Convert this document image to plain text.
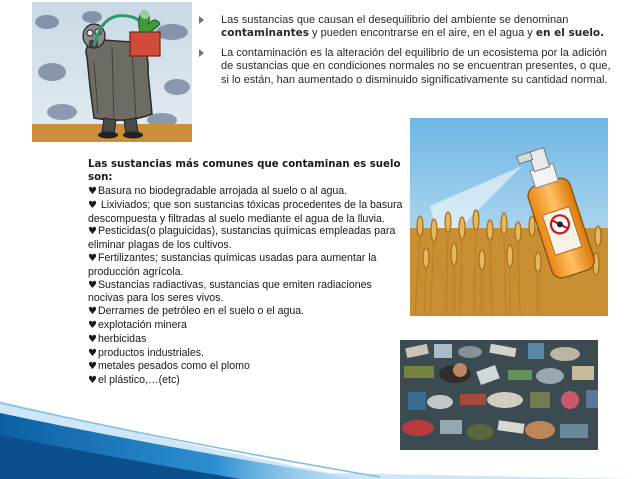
Las sustancias que causan el desequilibrio del ambiente se denominan contaminantes y pueden encontrarse en el aire, en el agua y en el suelo.
La contaminación es la alteración del equilibrio de un ecosistema por la adición de sustancias que en condiciones normales no se encuentran presentes, o que, si lo están, han aumentado o disminuido significativamente su cantidad normal.
Las sustancias más comunes que contaminan es suelo son:
♥Basura no biodegradable arrojada al suelo o al agua.
♥ Lixiviados; que son sustancias tóxicas procedentes de la basura descompuesta y filtradas al suelo mediante el agua de la lluvia.
♥Pesticidas(o plaguicidas), sustancias químicas empleadas para eliminar plagas de los cultivos.
♥Fertilizantes; sustancias químicas usadas para aumentar la producción agrícola.
♥Sustancias radiactivas, sustancias que emiten radiaciones nocivas para los seres vivos.
♥Derrames de petróleo en el suelo o el agua.
♥explotación minera
♥herbicidas
♥productos industriales.
♥metales pesados como el plomo
♥el plástico,…(etc)
